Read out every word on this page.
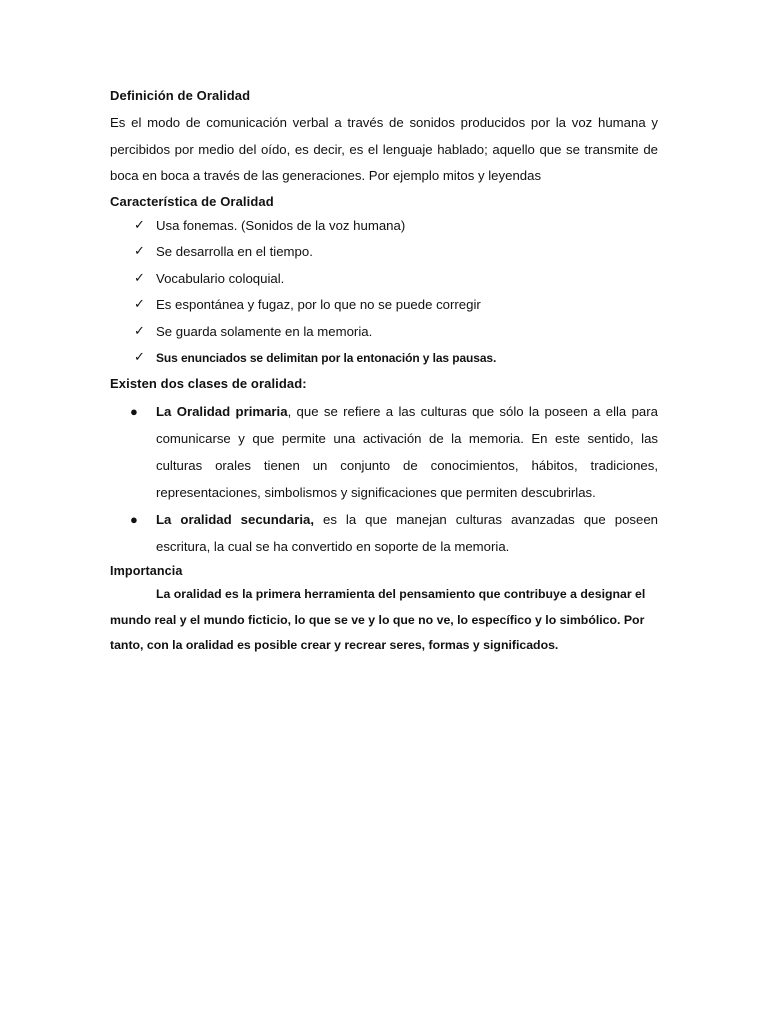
Definición de Oralidad

Es el modo de comunicación verbal a través de sonidos producidos por la voz humana y percibidos por medio del oído, es decir, es el lenguaje hablado; aquello que se transmite de boca en boca a través de las generaciones. Por ejemplo mitos y leyendas

Característica de Oralidad
✓ Usa fonemas. (Sonidos de la voz humana)
✓ Se desarrolla en el tiempo.
✓ Vocabulario coloquial.
✓ Es espontánea y fugaz, por lo que no se puede corregir
✓ Se guarda solamente en la memoria.
✓ Sus enunciados se delimitan por la entonación y las pausas.
Existen dos clases de oralidad:
● La Oralidad primaria, que se refiere a las culturas que sólo la poseen a ella para comunicarse y que permite una activación de la memoria. En este sentido, las culturas orales tienen un conjunto de conocimientos, hábitos, tradiciones, representaciones, simbolismos y significaciones que permiten descubrirlas.
● La oralidad secundaria, es la que manejan culturas avanzadas que poseen escritura, la cual se ha convertido en soporte de la memoria.
Importancia

La oralidad es la primera herramienta del pensamiento que contribuye a designar el mundo real y el mundo ficticio, lo que se ve y lo que no ve, lo específico y lo simbólico. Por tanto, con la oralidad es posible crear y recrear seres, formas y significados.
